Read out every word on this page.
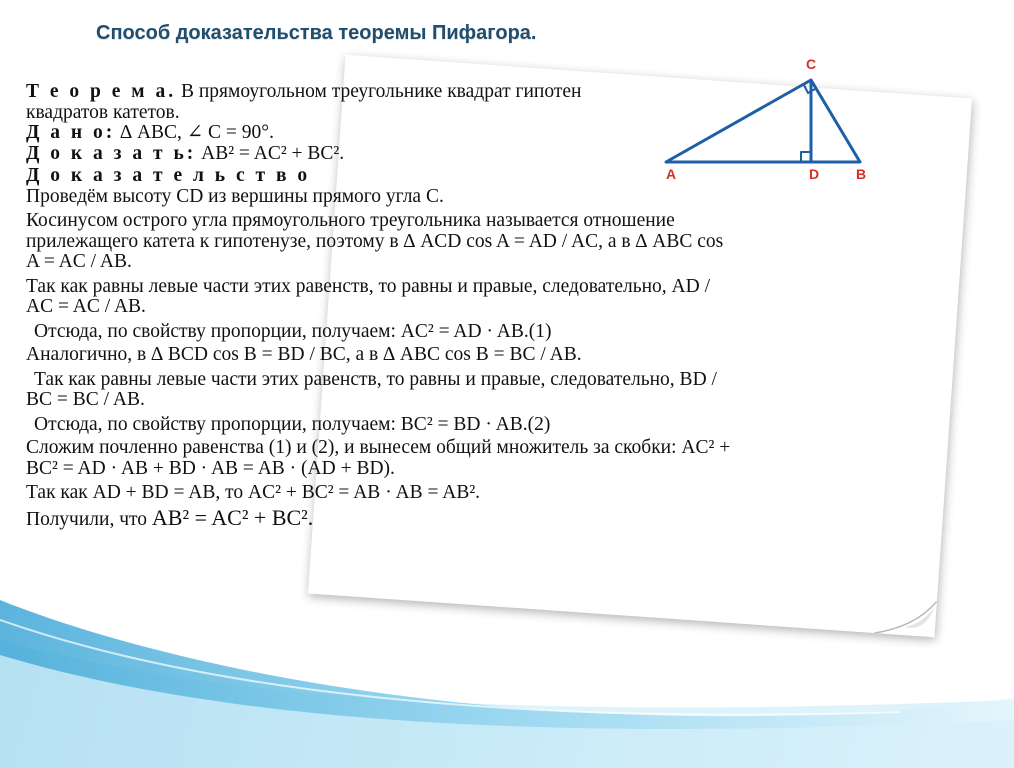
Способ доказательства теоремы Пифагора.
C
A	D	B

Т е о р е м а. В прямоугольном треугольнике квадрат гипотен

квадратов катетов.

Д а н о: ∆ ABC, ∠ С = 90°.

Д о к а з а т ь: AB² = AC² + BC².

Д о к а з а т е л ь с т в о

Проведём высоту CD из вершины прямого угла С.

Косинусом острого угла прямоугольного треугольника называется отношение

прилежащего катета к гипотенузе, поэтому в ∆ ACD cos A = AD / AC, а в ∆ ABC cos

A = AC / AB.

Так как равны левые части этих равенств, то равны и правые, следовательно, AD /

AC = AC / AB.

Отсюда, по свойству пропорции, получаем: AC² = AD · AB.(1)

Аналогично, в ∆ BCD cos B = BD / BC, а в ∆ ABC cos B = BC / AB.

Так как равны левые части этих равенств, то равны и правые, следовательно, BD /

BC = BC / AB.

Отсюда, по свойству пропорции, получаем: BC² = BD · AB.(2)

Сложим почленно равенства (1) и (2), и вынесем общий множитель за скобки: AC² +

BC² = AD · AB + BD · AB = AB · (AD + BD).

Так как AD + BD = AB, то AC² + BC² = AB · AB = AB².

Получили, что AB² = AC² + BC².
